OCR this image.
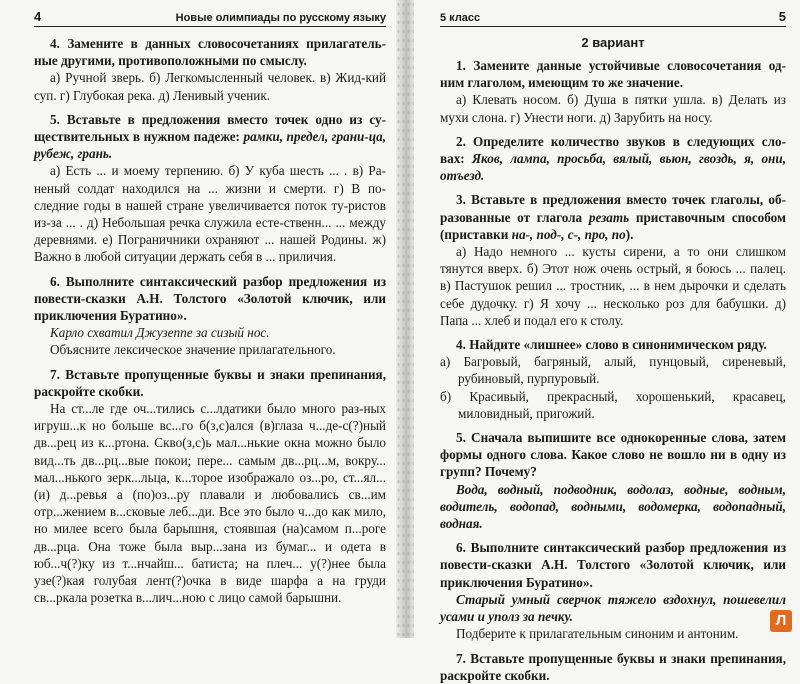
4	Новые олимпиады по русскому языку

4. Замените в данных словосочетаниях прилагатель-ные другими, противоположными по смыслу.

а) Ручной зверь. б) Легкомысленный человек. в) Жид-кий суп. г) Глубокая река. д) Ленивый ученик.

5. Вставьте в предложения вместо точек одно из су-ществительных в нужном падеже: рамки, предел, грани-ца, рубеж, грань.

а) Есть ... и моему терпению. б) У куба шесть ... . в) Ра-неный солдат находился на ... жизни и смерти. г) В по-следние годы в нашей стране увеличивается поток ту-ристов из-за ... . д) Небольшая речка служила есте-ственн... ... между деревнями. е) Пограничники охраняют ... нашей Родины. ж) Важно в любой ситуации держать себя в ... приличия.

6. Выполните синтаксический разбор предложения из повести-сказки А.Н. Толстого «Золотой ключик, или приключения Буратино».

Карло схватил Джузеппе за сизый нос.

Объясните лексическое значение прилагательного.

7. Вставьте пропущенные буквы и знаки препинания, раскройте скобки.

На ст...ле где оч...тились с...лдатики было много раз-ных игруш...к но больше вс...го б(з,с)ался (в)глаза ч...де-с(?)ный дв...рец из к...ртона. Скво(з,с)ь мал...нькие окна можно было вид...ть дв...рц...вые покои; пере... самым дв...рц...м, вокру... мал...нького зерк...льца, к...торое изображало оз...ро, ст...ял...(и) д...ревья а (по)оз...ру плавали и любовались св...им отр...жением в...сковые леб...ди. Все это было ч...до как мило, но милее всего была барышня, стоявшая (на)самом п...роге дв...рца. Она тоже была выр...зана из бумаг... и одета в юб...ч(?)ку из т...нчайш... батиста; на плеч... у(?)нее была узе(?)кая голубая лент(?)очка в виде шарфа а на груди св...ркала розетка в...лич...ною с лицо самой барышни.

5 класс	5
2 вариант

1. Замените данные устойчивые словосочетания од-ним глаголом, имеющим то же значение.

а) Клевать носом. б) Душа в пятки ушла. в) Делать из мухи слона. г) Унести ноги. д) Зарубить на носу.

2. Определите количество звуков в следующих сло-вах: Яков, лампа, просьба, вялый, вьюн, гвоздь, я, они, отъезд.

3. Вставьте в предложения вместо точек глаголы, об-разованные от глагола резать приставочным способом (приставки на-, под-, с-, про, по).

а) Надо немного ... кусты сирени, а то они слишком тянутся вверх. б) Этот нож очень острый, я боюсь ... палец. в) Пастушок решил ... тростник, ... в нем дырочки и сделать себе дудочку. г) Я хочу ... несколько роз для бабушки. д) Папа ... хлеб и подал его к столу.

4. Найдите «лишнее» слово в синонимическом ряду.

а) Багровый, багряный, алый, пунцовый, сиреневый, рубиновый, пурпуровый.

б) Красивый, прекрасный, хорошенький, красавец, миловидный, пригожий.

5. Сначала выпишите все однокоренные слова, затем формы одного слова. Какое слово не вошло ни в одну из групп? Почему?

Вода, водный, подводник, водолаз, водные, водным, водитель, водопад, водными, водомерка, водопадный, водная.

6. Выполните синтаксический разбор предложения из повести-сказки А.Н. Толстого «Золотой ключик, или приключения Буратино».

Старый умный сверчок тяжело вздохнул, пошевелил усами и уполз за печку.

Подберите к прилагательным синоним и антоним.

7. Вставьте пропущенные буквы и знаки препинания, раскройте скобки.

Л
